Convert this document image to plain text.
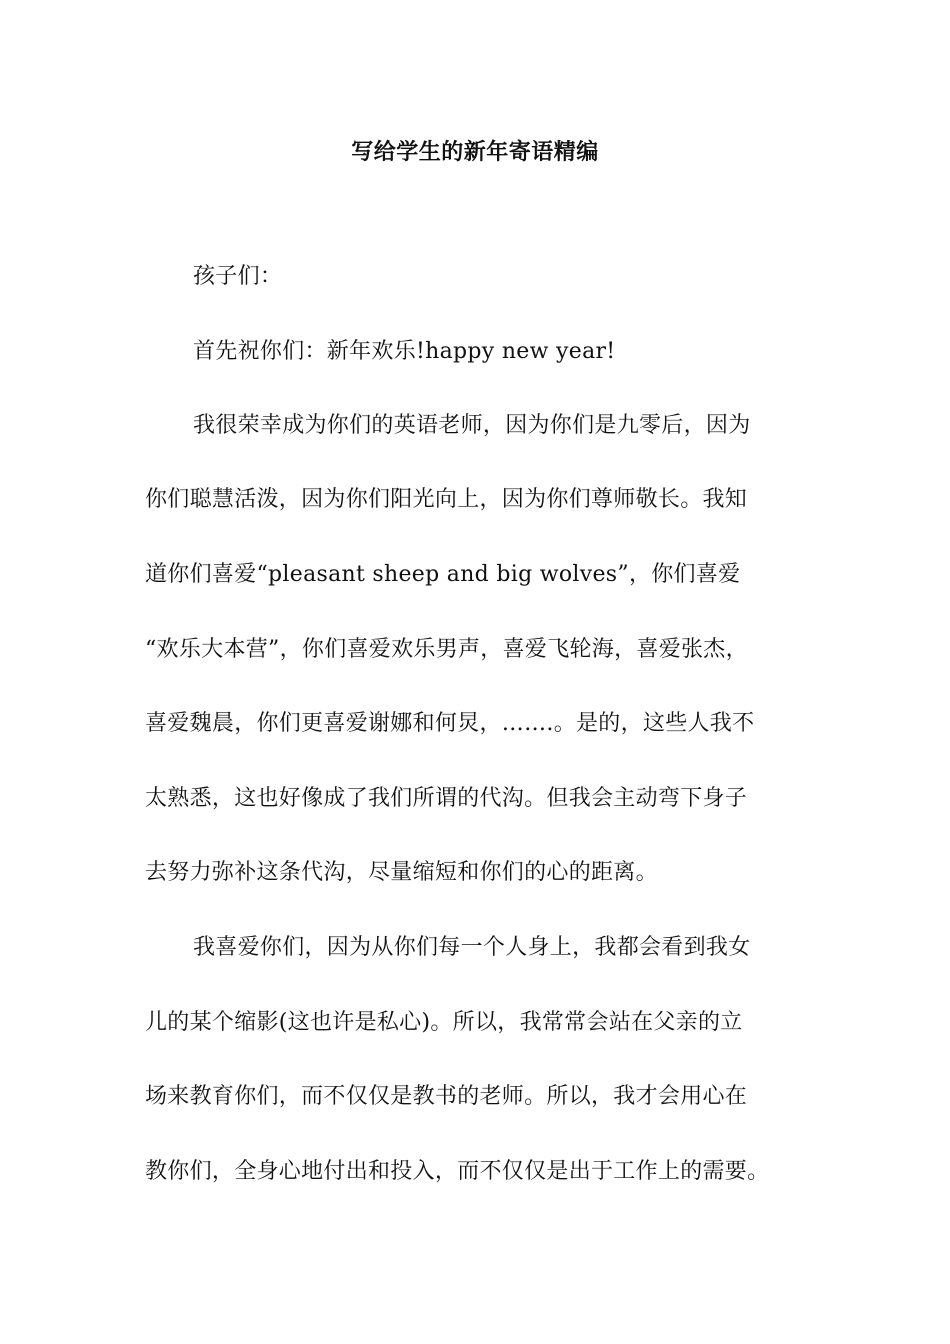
写给学生的新年寄语精编
孩子们：
首先祝你们：新年欢乐!happy new year!
我很荣幸成为你们的英语老师，因为你们是九零后，因为
你们聪慧活泼，因为你们阳光向上，因为你们尊师敬长。我知
道你们喜爱“pleasant sheep and big wolves”，你们喜爱
“欢乐大本营”，你们喜爱欢乐男声，喜爱飞轮海，喜爱张杰，
喜爱魏晨，你们更喜爱谢娜和何炅，…….。是的，这些人我不
太熟悉，这也好像成了我们所谓的代沟。但我会主动弯下身子
去努力弥补这条代沟，尽量缩短和你们的心的距离。
我喜爱你们，因为从你们每一个人身上，我都会看到我女
儿的某个缩影(这也许是私心)。所以，我常常会站在父亲的立
场来教育你们，而不仅仅是教书的老师。所以，我才会用心在
教你们，全身心地付出和投入，而不仅仅是出于工作上的需要。
